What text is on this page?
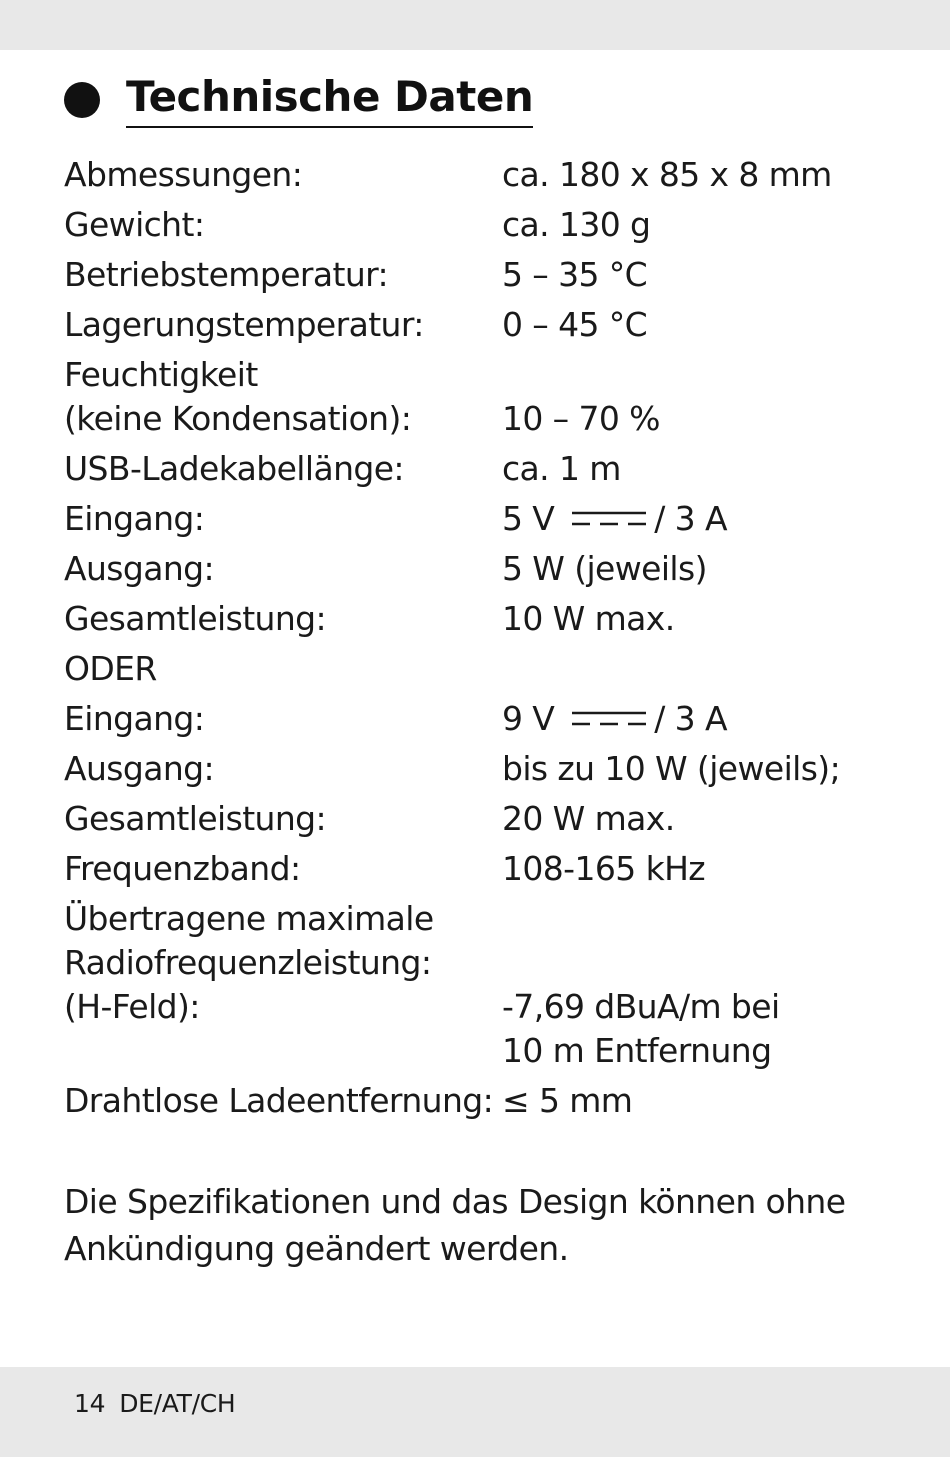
Technische Daten
Abmessungen:	ca. 180 x 85 x 8 mm
Gewicht:	ca. 130 g
Betriebstemperatur:	5 – 35 °C
Lagerungstemperatur:	0 – 45 °C
Feuchtigkeit
(keine Kondensation):	10 – 70 %
USB-Ladekabellänge:	ca. 1 m
Eingang:	5 V	/ 3 A
Ausgang:	5 W (jeweils)
Gesamtleistung:	10 W max.
ODER
Eingang:	9 V	/ 3 A
Ausgang:	bis zu 10 W (jeweils);
Gesamtleistung:	20 W max.
Frequenzband:	108-165 kHz
Übertragene maximale
Radiofrequenzleistung:
(H-Feld):	-7,69 dBuA/m bei
10 m Entfernung
Drahtlose Ladeentfernung: ≤ 5 mm
Die Spezifikationen und das Design können ohne
Ankündigung geändert werden.
14 DE/AT/CH
